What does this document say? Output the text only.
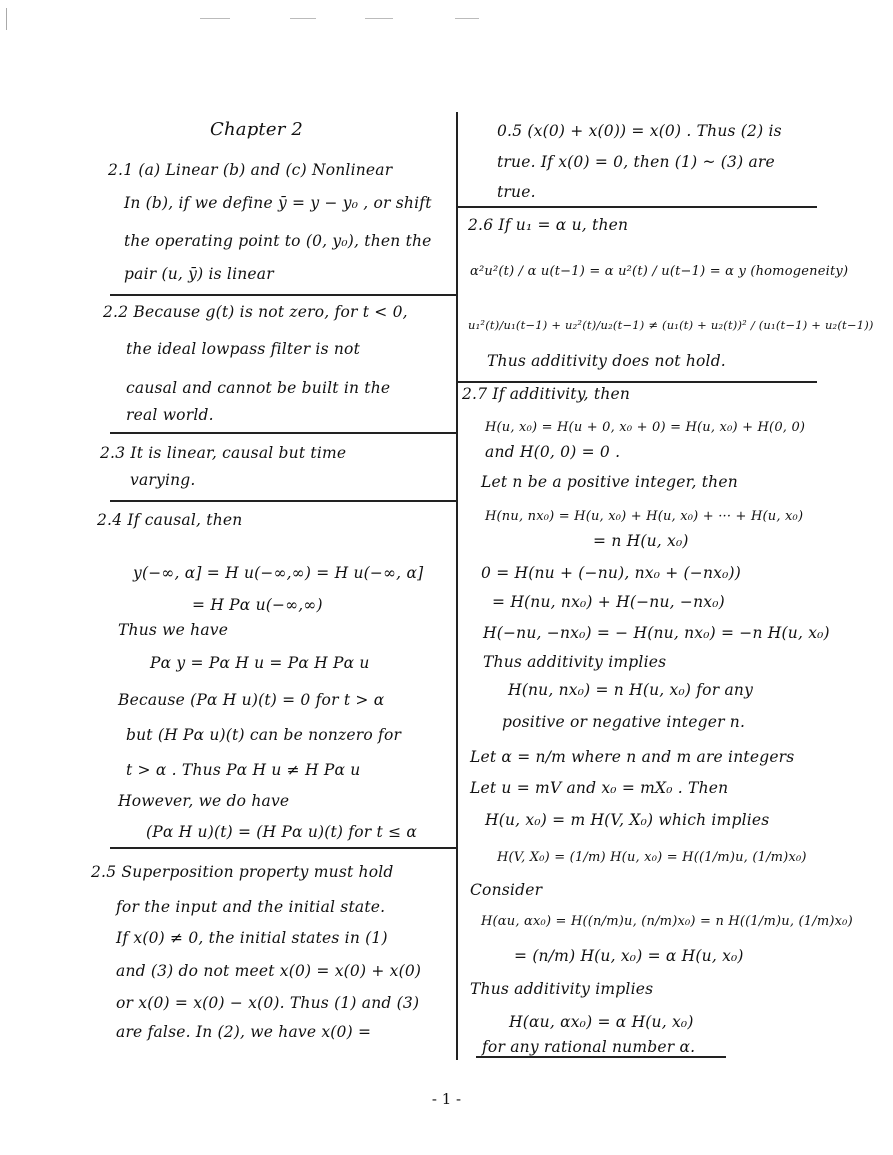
Chapter 2
2.1 (a) Linear (b) and (c) Nonlinear
In (b), if we define ȳ = y − y₀ , or shift
the operating point to (0, y₀), then the
pair (u, ȳ) is linear
2.2 Because g(t) is not zero, for t < 0,
the ideal lowpass filter is not
causal and cannot be built in the
real world.
2.3 It is linear, causal but time
varying.
2.4 If causal, then
y(−∞, α] = H u(−∞,∞) = H u(−∞, α]
= H Pα u(−∞,∞)
Thus we have
Pα y = Pα H u = Pα H Pα u
Because (Pα H u)(t) = 0 for t > α
but (H Pα u)(t) can be nonzero for
t > α . Thus Pα H u ≠ H Pα u
However, we do have
(Pα H u)(t) = (H Pα u)(t) for t ≤ α
2.5 Superposition property must hold
for the input and the initial state.
If x(0) ≠ 0, the initial states in (1)
and (3) do not meet x(0) = x(0) + x(0)
or x(0) = x(0) − x(0). Thus (1) and (3)
are false. In (2), we have x(0) =
0.5 (x(0) + x(0)) = x(0) . Thus (2) is
true. If x(0) = 0, then (1) ~ (3) are
true.
2.6 If u₁ = α u, then
α²u²(t) / α u(t−1) = α u²(t) / u(t−1) = α y (homogeneity)
u₁²(t)/u₁(t−1) + u₂²(t)/u₂(t−1) ≠ (u₁(t) + u₂(t))² / (u₁(t−1) + u₂(t−1))
Thus additivity does not hold.
2.7 If additivity, then
H(u, x₀) = H(u + 0, x₀ + 0) = H(u, x₀) + H(0, 0)
and H(0, 0) = 0 .
Let n be a positive integer, then
H(nu, nx₀) = H(u, x₀) + H(u, x₀) + ··· + H(u, x₀)
= n H(u, x₀)
0 = H(nu + (−nu), nx₀ + (−nx₀))
= H(nu, nx₀) + H(−nu, −nx₀)
H(−nu, −nx₀) = − H(nu, nx₀) = −n H(u, x₀)
Thus additivity implies
H(nu, nx₀) = n H(u, x₀) for any
positive or negative integer n.
Let α = n/m where n and m are integers
Let u = mV and x₀ = mX₀ . Then
H(u, x₀) = m H(V, X₀) which implies
H(V, X₀) = (1/m) H(u, x₀) = H((1/m)u, (1/m)x₀)
Consider
H(αu, αx₀) = H((n/m)u, (n/m)x₀) = n H((1/m)u, (1/m)x₀)
= (n/m) H(u, x₀) = α H(u, x₀)
Thus additivity implies
H(αu, αx₀) = α H(u, x₀)
for any rational number α.
- 1 -
